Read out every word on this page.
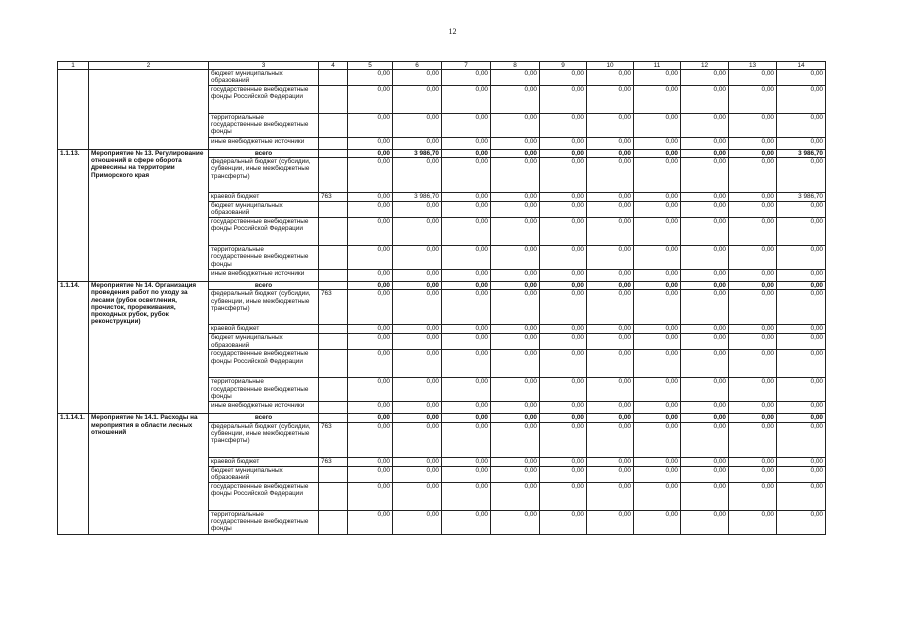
12
1	2	3	4	5	6	7	8	9	10	11	12	13	14
		бюджет муниципальных образований		0,00	0,00	0,00	0,00	0,00	0,00	0,00	0,00	0,00	0,00
		государственные внебюджетные фонды Российской Федерации		0,00	0,00	0,00	0,00	0,00	0,00	0,00	0,00	0,00	0,00
		территориальные государственные внебюджетные фонды		0,00	0,00	0,00	0,00	0,00	0,00	0,00	0,00	0,00	0,00
		иные внебюджетные источники		0,00	0,00	0,00	0,00	0,00	0,00	0,00	0,00	0,00	0,00
1.1.13.	Мероприятие № 13. Регулирование отношений в сфере оборота древесины на территории Приморского края	всего		0,00	3 986,70	0,00	0,00	0,00	0,00	0,00	0,00	0,00	3 986,70
		федеральный бюджет (субсидии, субвенции, иные межбюджетные трансферты)		0,00	0,00	0,00	0,00	0,00	0,00	0,00	0,00	0,00	0,00
		краевой бюджет	763	0,00	3 986,70	0,00	0,00	0,00	0,00	0,00	0,00	0,00	3 986,70
		бюджет муниципальных образований		0,00	0,00	0,00	0,00	0,00	0,00	0,00	0,00	0,00	0,00
		государственные внебюджетные фонды Российской Федерации		0,00	0,00	0,00	0,00	0,00	0,00	0,00	0,00	0,00	0,00
		территориальные государственные внебюджетные фонды		0,00	0,00	0,00	0,00	0,00	0,00	0,00	0,00	0,00	0,00
		иные внебюджетные источники		0,00	0,00	0,00	0,00	0,00	0,00	0,00	0,00	0,00	0,00
1.1.14.	Мероприятие № 14. Организация проведения работ по уходу за лесами (рубок осветления, прочисток, прореживания, проходных рубок, рубок реконструкции)	всего		0,00	0,00	0,00	0,00	0,00	0,00	0,00	0,00	0,00	0,00
		федеральный бюджет (субсидии, субвенции, иные межбюджетные трансферты)	763	0,00	0,00	0,00	0,00	0,00	0,00	0,00	0,00	0,00	0,00
		краевой бюджет		0,00	0,00	0,00	0,00	0,00	0,00	0,00	0,00	0,00	0,00
		бюджет муниципальных образований		0,00	0,00	0,00	0,00	0,00	0,00	0,00	0,00	0,00	0,00
		государственные внебюджетные фонды Российской Федерации		0,00	0,00	0,00	0,00	0,00	0,00	0,00	0,00	0,00	0,00
		территориальные государственные внебюджетные фонды		0,00	0,00	0,00	0,00	0,00	0,00	0,00	0,00	0,00	0,00
		иные внебюджетные источники		0,00	0,00	0,00	0,00	0,00	0,00	0,00	0,00	0,00	0,00
1.1.14.1.	Мероприятие № 14.1. Расходы на мероприятия в области лесных отношений	всего		0,00	0,00	0,00	0,00	0,00	0,00	0,00	0,00	0,00	0,00
		федеральный бюджет (субсидии, субвенции, иные межбюджетные трансферты)	763	0,00	0,00	0,00	0,00	0,00	0,00	0,00	0,00	0,00	0,00
		краевой бюджет	763	0,00	0,00	0,00	0,00	0,00	0,00	0,00	0,00	0,00	0,00
		бюджет муниципальных образований		0,00	0,00	0,00	0,00	0,00	0,00	0,00	0,00	0,00	0,00
		государственные внебюджетные фонды Российской Федерации		0,00	0,00	0,00	0,00	0,00	0,00	0,00	0,00	0,00	0,00
		территориальные государственные внебюджетные фонды		0,00	0,00	0,00	0,00	0,00	0,00	0,00	0,00	0,00	0,00
